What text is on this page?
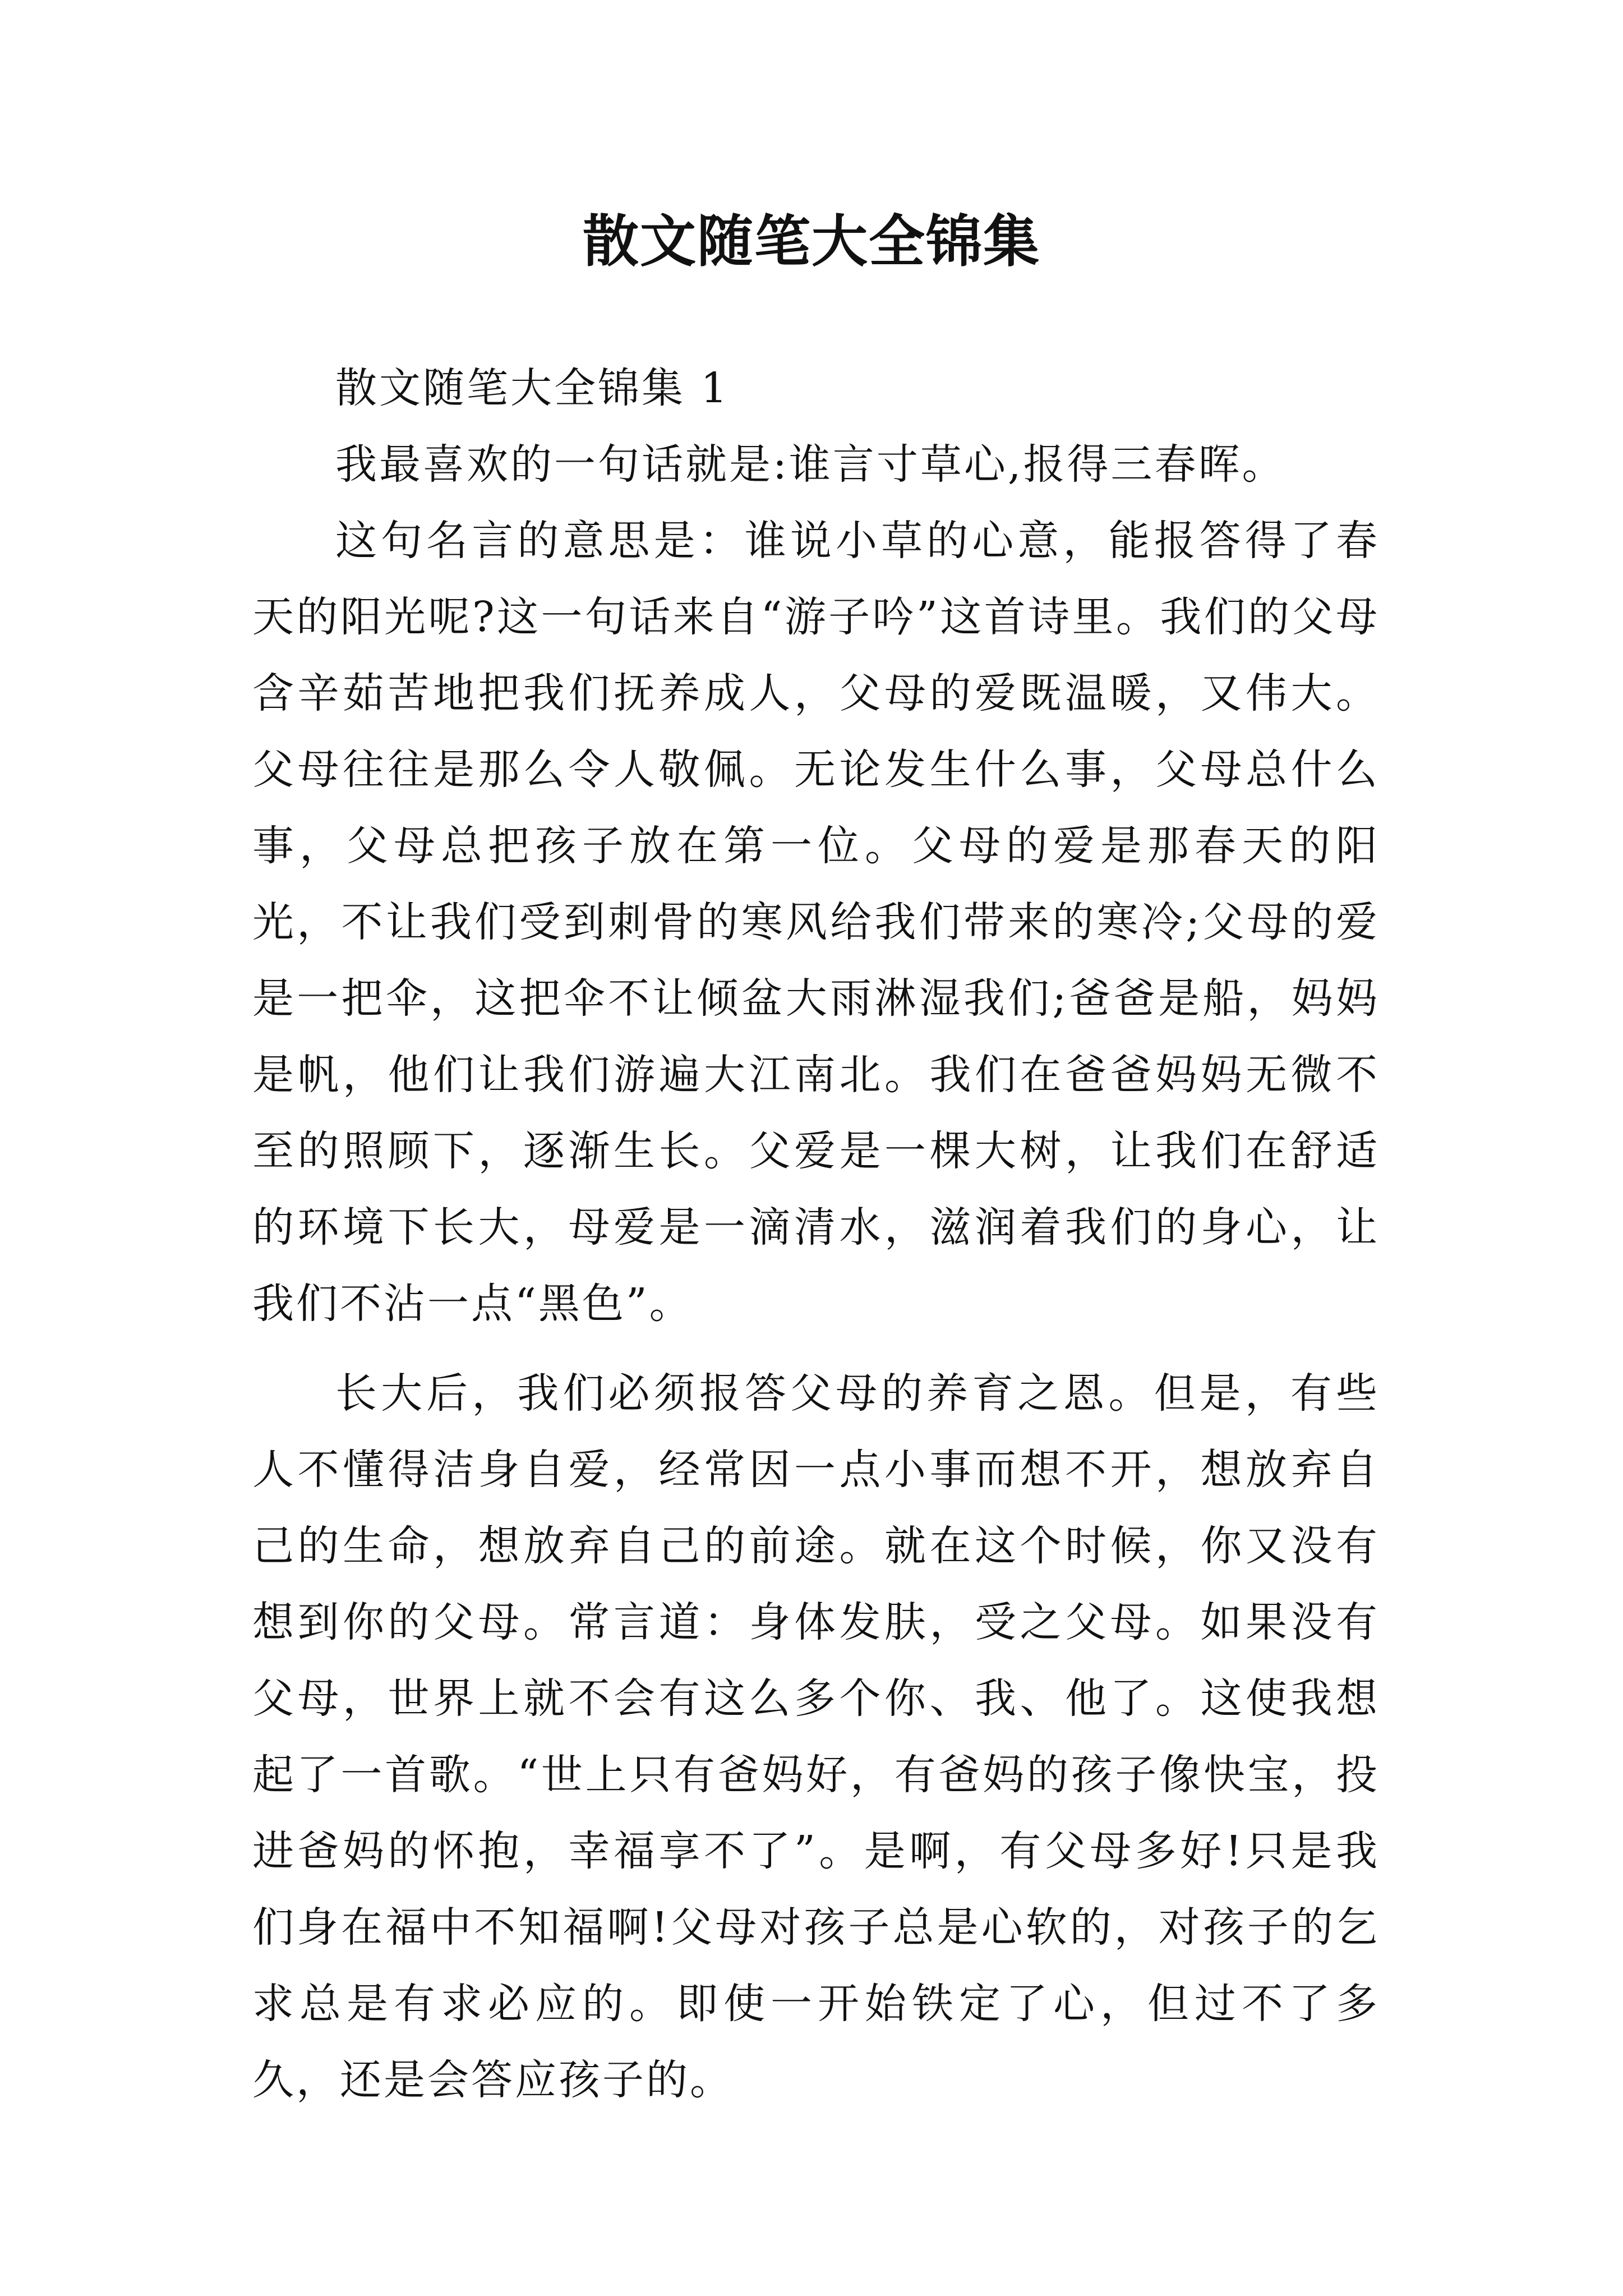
散文随笔大全锦集

散文随笔大全锦集 1

我最喜欢的一句话就是:谁言寸草心,报得三春晖。

这句名言的意思是：谁说小草的心意，能报答得了春天的阳光呢?这一句话来自“游子吟”这首诗里。我们的父母含辛茹苦地把我们抚养成人，父母的爱既温暖，又伟大。父母往往是那么令人敬佩。无论发生什么事，父母总什么事，父母总把孩子放在第一位。父母的爱是那春天的阳光，不让我们受到刺骨的寒风给我们带来的寒冷;父母的爱是一把伞，这把伞不让倾盆大雨淋湿我们;爸爸是船，妈妈是帆，他们让我们游遍大江南北。我们在爸爸妈妈无微不至的照顾下，逐渐生长。父爱是一棵大树，让我们在舒适的环境下长大，母爱是一滴清水，滋润着我们的身心，让我们不沾一点“黑色”。

长大后，我们必须报答父母的养育之恩。但是，有些人不懂得洁身自爱，经常因一点小事而想不开，想放弃自己的生命，想放弃自己的前途。就在这个时候，你又没有想到你的父母。常言道：身体发肤，受之父母。如果没有父母，世界上就不会有这么多个你、我、他了。这使我想起了一首歌。“世上只有爸妈好，有爸妈的孩子像快宝，投进爸妈的怀抱，幸福享不了”。是啊，有父母多好!只是我们身在福中不知福啊!父母对孩子总是心软的，对孩子的乞求总是有求必应的。即使一开始铁定了心，但过不了多久，还是会答应孩子的。
